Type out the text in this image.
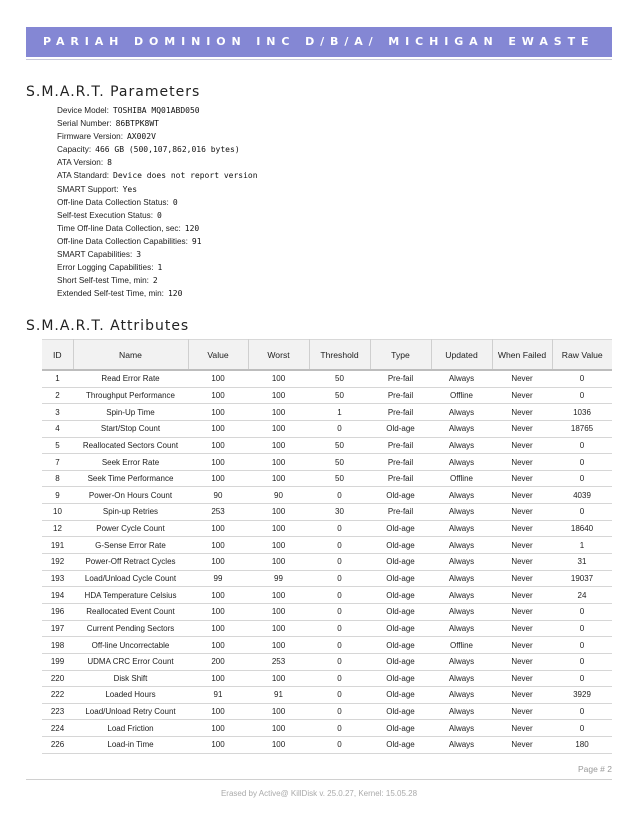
PARIAH DOMINION INC D/B/A/ MICHIGAN EWASTE
S.M.A.R.T. Parameters
Device Model: TOSHIBA MQ01ABD050
Serial Number: 86BTPK8WT
Firmware Version: AX002V
Capacity: 466 GB (500,107,862,016 bytes)
ATA Version: 8
ATA Standard: Device does not report version
SMART Support: Yes
Off-line Data Collection Status: 0
Self-test Execution Status: 0
Time Off-line Data Collection, sec: 120
Off-line Data Collection Capabilities: 91
SMART Capabilities: 3
Error Logging Capabilities: 1
Short Self-test Time, min: 2
Extended Self-test Time, min: 120
S.M.A.R.T. Attributes
ID	Name	Value	Worst	Threshold	Type	Updated	When Failed	Raw Value
1	Read Error Rate	100	100	50	Pre-fail	Always	Never	0
2	Throughput Performance	100	100	50	Pre-fail	Offline	Never	0
3	Spin-Up Time	100	100	1	Pre-fail	Always	Never	1036
4	Start/Stop Count	100	100	0	Old-age	Always	Never	18765
5	Reallocated Sectors Count	100	100	50	Pre-fail	Always	Never	0
7	Seek Error Rate	100	100	50	Pre-fail	Always	Never	0
8	Seek Time Performance	100	100	50	Pre-fail	Offline	Never	0
9	Power-On Hours Count	90	90	0	Old-age	Always	Never	4039
10	Spin-up Retries	253	100	30	Pre-fail	Always	Never	0
12	Power Cycle Count	100	100	0	Old-age	Always	Never	18640
191	G-Sense Error Rate	100	100	0	Old-age	Always	Never	1
192	Power-Off Retract Cycles	100	100	0	Old-age	Always	Never	31
193	Load/Unload Cycle Count	99	99	0	Old-age	Always	Never	19037
194	HDA Temperature Celsius	100	100	0	Old-age	Always	Never	24
196	Reallocated Event Count	100	100	0	Old-age	Always	Never	0
197	Current Pending Sectors	100	100	0	Old-age	Always	Never	0
198	Off-line Uncorrectable	100	100	0	Old-age	Offline	Never	0
199	UDMA CRC Error Count	200	253	0	Old-age	Always	Never	0
220	Disk Shift	100	100	0	Old-age	Always	Never	0
222	Loaded Hours	91	91	0	Old-age	Always	Never	3929
223	Load/Unload Retry Count	100	100	0	Old-age	Always	Never	0
224	Load Friction	100	100	0	Old-age	Always	Never	0
226	Load-in Time	100	100	0	Old-age	Always	Never	180
Page # 2
Erased by Active@ KillDisk v. 25.0.27, Kernel: 15.05.28
